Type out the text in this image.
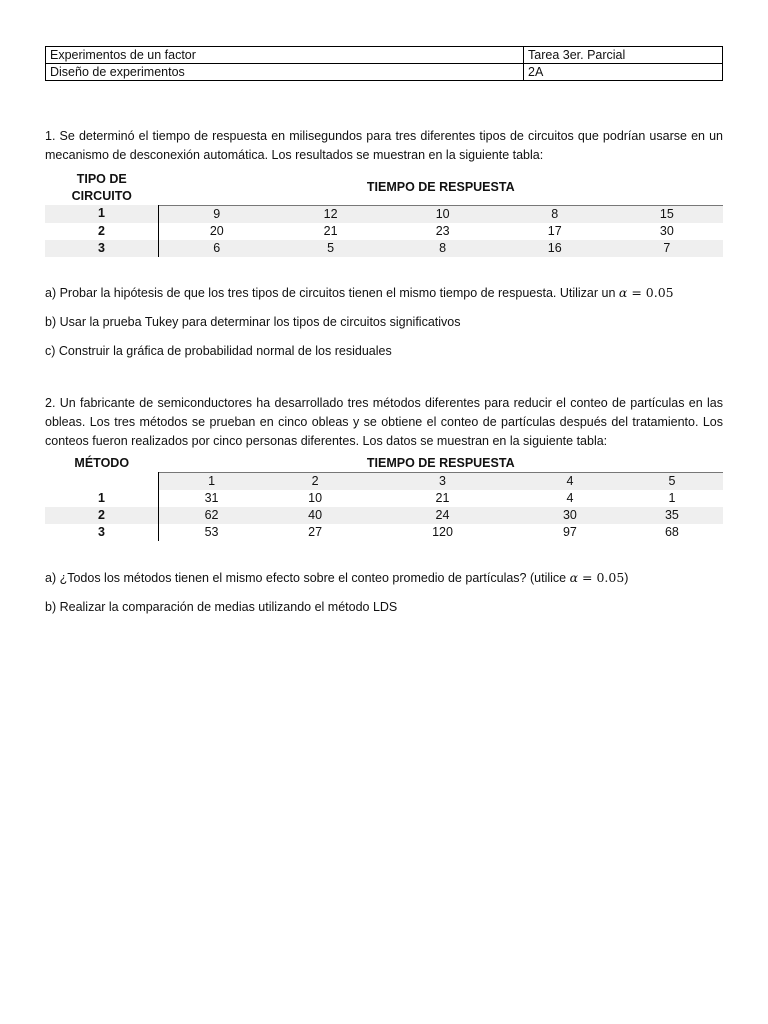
Experimentos de un factor	Tarea 3er. Parcial
Diseño de experimentos	2A

1. Se determinó el tiempo de respuesta en milisegundos para tres diferentes tipos de circuitos que podrían usarse en un mecanismo de desconexión automática. Los resultados se muestran en la siguiente tabla:

TIPO DE
CIRCUITO	TIEMPO DE RESPUESTA				
1	9	12	10	8	15
2	20	21	23	17	30
3	6	5	8	16	7

a) Probar la hipótesis de que los tres tipos de circuitos tienen el mismo tiempo de respuesta. Utilizar un α = 0.05

b) Usar la prueba Tukey para determinar los tipos de circuitos significativos

c) Construir la gráfica de probabilidad normal de los residuales

2. Un fabricante de semiconductores ha desarrollado tres métodos diferentes para reducir el conteo de partículas en las obleas. Los tres métodos se prueban en cinco obleas y se obtiene el conteo de partículas después del tratamiento. Los conteos fueron realizados por cinco personas diferentes. Los datos se muestran en la siguiente tabla:

MÉTODO	TIEMPO DE RESPUESTA				
	1	2	3	4	5
1	31	10	21	4	1
2	62	40	24	30	35
3	53	27	120	97	68

a) ¿Todos los métodos tienen el mismo efecto sobre el conteo promedio de partículas? (utilice α = 0.05)

b) Realizar la comparación de medias utilizando el método LDS
